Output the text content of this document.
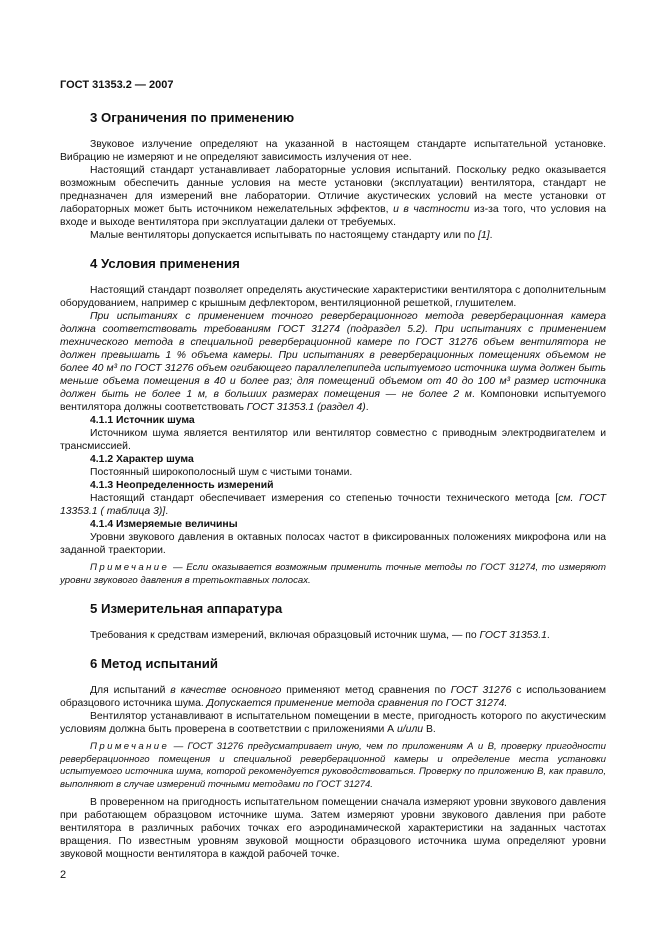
ГОСТ 31353.2 — 2007
3 Ограничения по применению

Звуковое излучение определяют на указанной в настоящем стандарте испытательной установке. Вибрацию не измеряют и не определяют зависимость излучения от нее.

Настоящий стандарт устанавливает лабораторные условия испытаний. Поскольку редко оказывается возможным обеспечить данные условия на месте установки (эксплуатации) вентилятора, стандарт не предназначен для измерений вне лаборатории. Отличие акустических условий на месте установки от лабораторных может быть источником нежелательных эффектов, и в частности из-за того, что условия на входе и выходе вентилятора при эксплуатации далеки от требуемых.

Малые вентиляторы допускается испытывать по настоящему стандарту или по [1].

4 Условия применения

Настоящий стандарт позволяет определять акустические характеристики вентилятора с дополнительным оборудованием, например с крышным дефлектором, вентиляционной решеткой, глушителем.

При испытаниях с применением точного реверберационного метода реверберационная камера должна соответствовать требованиям ГОСТ 31274 (подраздел 5.2). При испытаниях с применением технического метода в специальной реверберационной камере по ГОСТ 31276 объем вентилятора не должен превышать 1 % объема камеры. При испытаниях в реверберационных помещениях объемом не более 40 м³ по ГОСТ 31276 объем огибающего параллелепипеда испытуемого источника шума должен быть меньше объема помещения в 40 и более раз; для помещений объемом от 40 до 100 м³ размер источника должен быть не более 1 м, в больших размерах помещения — не более 2 м. Компоновки испытуемого вентилятора должны соответствовать ГОСТ 31353.1 (раздел 4).

4.1.1 Источник шума

Источником шума является вентилятор или вентилятор совместно с приводным электродвигателем и трансмиссией.

4.1.2 Характер шума

Постоянный широкополосный шум с чистыми тонами.

4.1.3 Неопределенность измерений

Настоящий стандарт обеспечивает измерения со степенью точности технического метода [см. ГОСТ 13353.1 ( таблица 3)].

4.1.4 Измеряемые величины

Уровни звукового давления в октавных полосах частот в фиксированных положениях микрофона или на заданной траектории.

Примечание — Если оказывается возможным применить точные методы по ГОСТ 31274, то измеряют уровни звукового давления в третьоктавных полосах.

5 Измерительная аппаратура

Требования к средствам измерений, включая образцовый источник шума, — по ГОСТ 31353.1.

6 Метод испытаний

Для испытаний в качестве основного применяют метод сравнения по ГОСТ 31276 с использованием образцового источника шума. Допускается применение метода сравнения по ГОСТ 31274.

Вентилятор устанавливают в испытательном помещении в месте, пригодность которого по акустическим условиям должна быть проверена в соответствии с приложениями А и/или В.

Примечание — ГОСТ 31276 предусматривает иную, чем по приложениям А и В, проверку пригодности реверберационного помещения и специальной реверберационной камеры и определение места установки испытуемого источника шума, которой рекомендуется руководствоваться. Проверку по приложению В, как правило, выполняют в случае измерений точными методами по ГОСТ 31274.

В проверенном на пригодность испытательном помещении сначала измеряют уровни звукового давления при работающем образцовом источнике шума. Затем измеряют уровни звукового давления при работе вентилятора в различных рабочих точках его аэродинамической характеристики на заданных частотах вращения. По известным уровням звуковой мощности образцового источника шума определяют уровни звуковой мощности вентилятора в каждой рабочей точке.

2
